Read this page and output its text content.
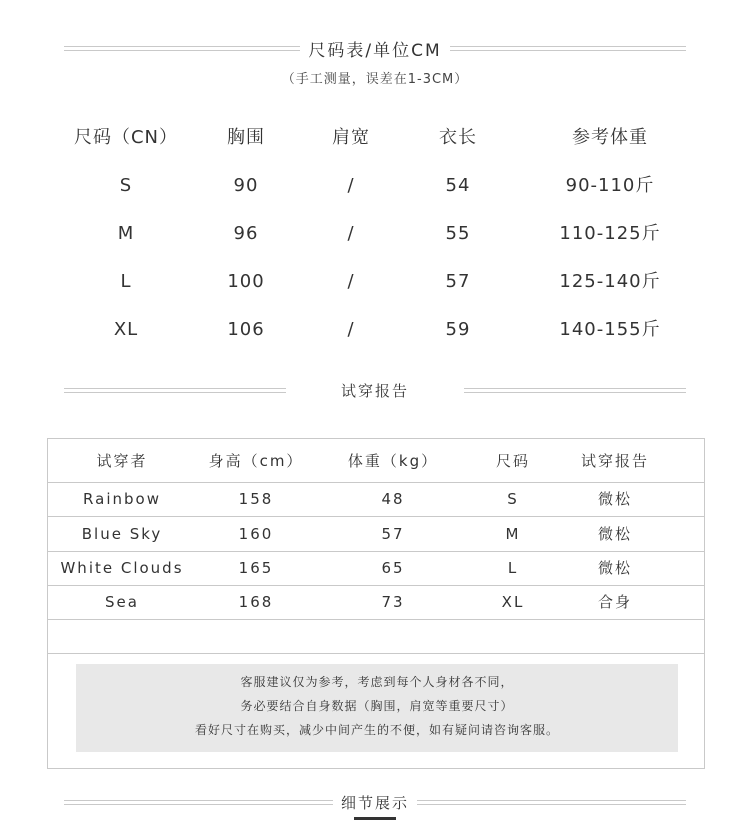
尺码表/单位CM
（手工测量，误差在1-3CM）
尺码（CN）	胸围	肩宽	衣长	参考体重
S	90	/	54	90-110斤
M	96	/	55	110-125斤
L	100	/	57	125-140斤
XL	106	/	59	140-155斤
试穿报告
试穿者	身高（cm）	体重（kg）	尺码	试穿报告
Rainbow	158	48	S	微松
Blue Sky	160	57	M	微松
White Clouds	165	65	L	微松
Sea	168	73	XL	合身
客服建议仅为参考，考虑到每个人身材各不同，
务必要结合自身数据（胸围，肩宽等重要尺寸）
看好尺寸在购买，减少中间产生的不便，如有疑问请咨询客服。
细节展示
